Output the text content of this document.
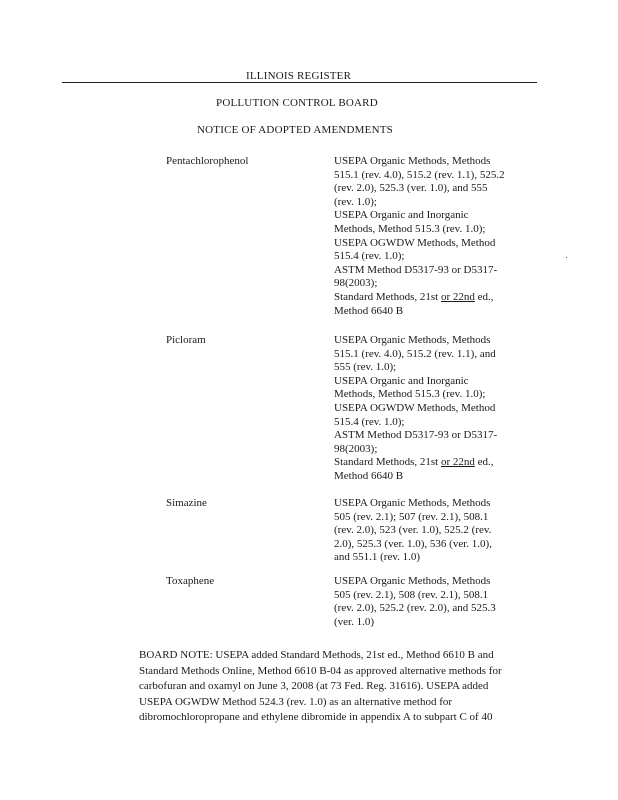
ILLINOIS REGISTER
POLLUTION CONTROL BOARD
NOTICE OF ADOPTED AMENDMENTS
Pentachlorophenol	USEPA Organic Methods, Methods
515.1 (rev. 4.0), 515.2 (rev. 1.1), 525.2
(rev. 2.0), 525.3 (ver. 1.0), and 555
(rev. 1.0);
USEPA Organic and Inorganic
Methods, Method 515.3 (rev. 1.0);
USEPA OGWDW Methods, Method
515.4 (rev. 1.0);
ASTM Method D5317-93 or D5317-
98(2003);
Standard Methods, 21st or 22nd ed.,
Method 6640 B
Picloram	USEPA Organic Methods, Methods
515.1 (rev. 4.0), 515.2 (rev. 1.1), and
555 (rev. 1.0);
USEPA Organic and Inorganic
Methods, Method 515.3 (rev. 1.0);
USEPA OGWDW Methods, Method
515.4 (rev. 1.0);
ASTM Method D5317-93 or D5317-
98(2003);
Standard Methods, 21st or 22nd ed.,
Method 6640 B
Simazine	USEPA Organic Methods, Methods
505 (rev. 2.1); 507 (rev. 2.1), 508.1
(rev. 2.0), 523 (ver. 1.0), 525.2 (rev.
2.0), 525.3 (ver. 1.0), 536 (ver. 1.0),
and 551.1 (rev. 1.0)
Toxaphene	USEPA Organic Methods, Methods
505 (rev. 2.1), 508 (rev. 2.1), 508.1
(rev. 2.0), 525.2 (rev. 2.0), and 525.3
(ver. 1.0)
BOARD NOTE: USEPA added Standard Methods, 21st ed., Method 6610 B and
Standard Methods Online, Method 6610 B-04 as approved alternative methods for
carbofuran and oxamyl on June 3, 2008 (at 73 Fed. Reg. 31616). USEPA added
USEPA OGWDW Method 524.3 (rev. 1.0) as an alternative method for
dibromochloropropane and ethylene dibromide in appendix A to subpart C of 40
